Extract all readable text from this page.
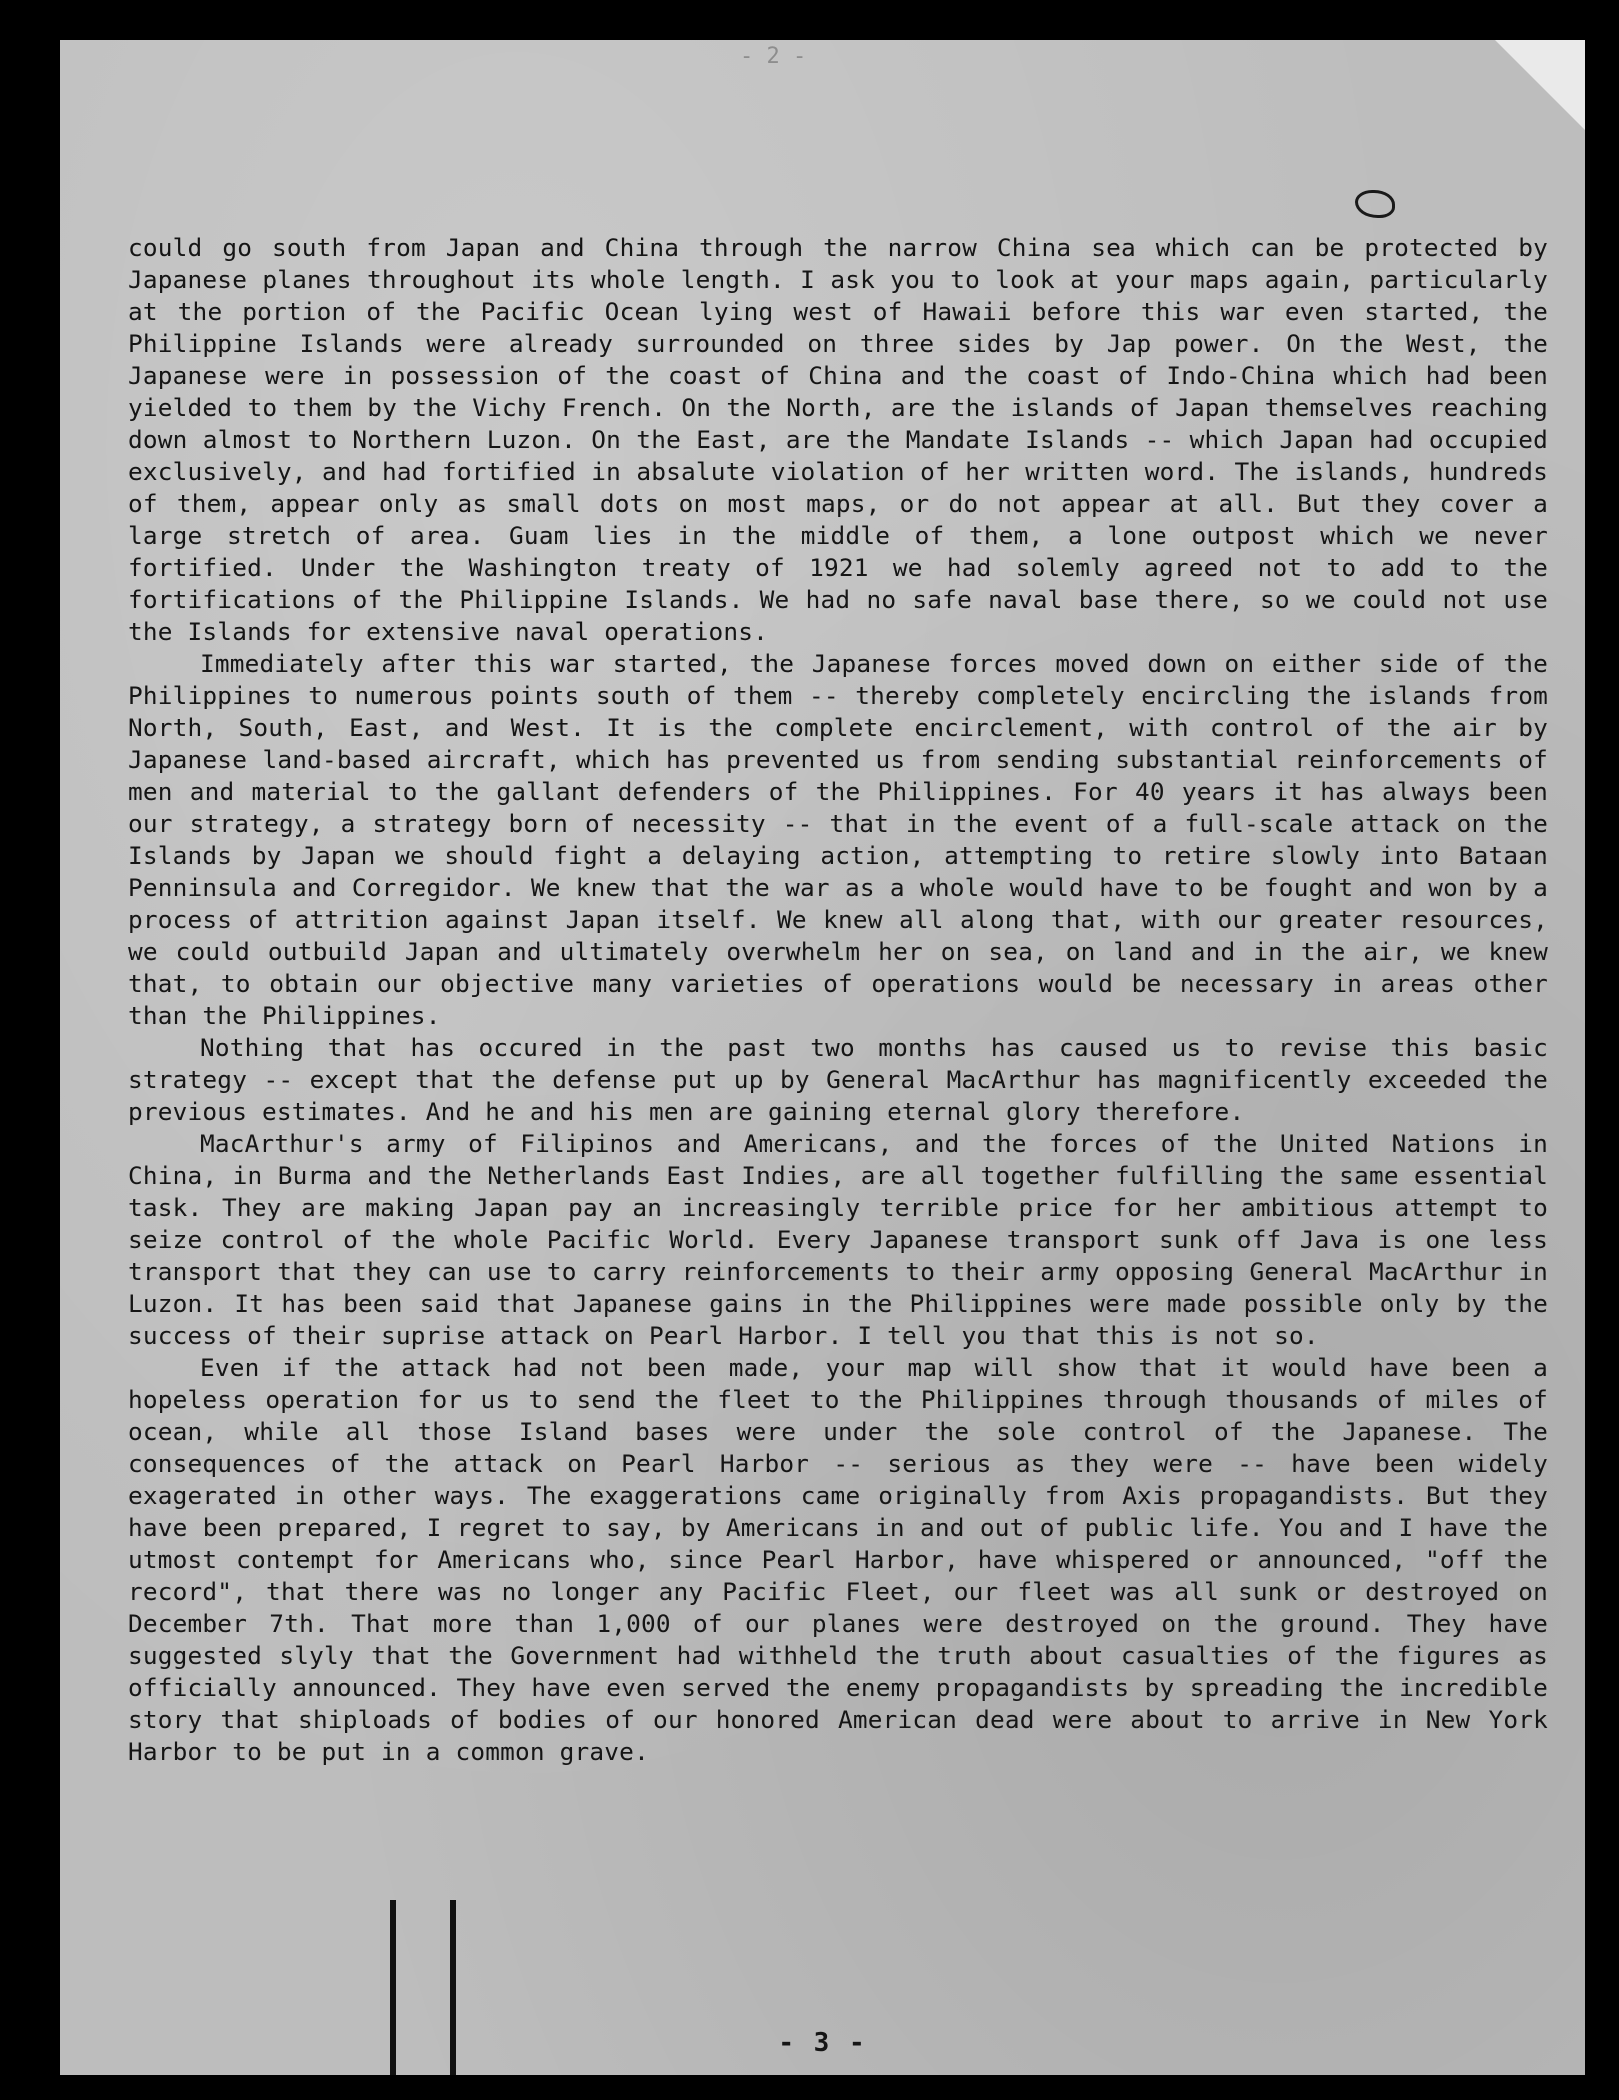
- 2 -

could go south from Japan and China through the narrow China sea which can be protected by Japanese planes throughout its whole length. I ask you to look at your maps again, particularly at the portion of the Pacific Ocean lying west of Hawaii before this war even started, the Philippine Islands were already surrounded on three sides by Jap power. On the West, the Japanese were in possession of the coast of China and the coast of Indo-China which had been yielded to them by the Vichy French. On the North, are the islands of Japan themselves reaching down almost to Northern Luzon. On the East, are the Mandate Islands -- which Japan had occupied exclusively, and had fortified in absalute violation of her written word. The islands, hundreds of them, appear only as small dots on most maps, or do not appear at all. But they cover a large stretch of area. Guam lies in the middle of them, a lone outpost which we never fortified. Under the Washington treaty of 1921 we had solemly agreed not to add to the fortifications of the Philippine Islands. We had no safe naval base there, so we could not use the Islands for extensive naval operations.

Immediately after this war started, the Japanese forces moved down on either side of the Philippines to numerous points south of them -- thereby completely encircling the islands from North, South, East, and West. It is the complete encirclement, with control of the air by Japanese land-based aircraft, which has prevented us from sending substantial reinforcements of men and material to the gallant defenders of the Philippines. For 40 years it has always been our strategy, a strategy born of necessity -- that in the event of a full-scale attack on the Islands by Japan we should fight a delaying action, attempting to retire slowly into Bataan Penninsula and Corregidor. We knew that the war as a whole would have to be fought and won by a process of attrition against Japan itself. We knew all along that, with our greater resources, we could outbuild Japan and ultimately overwhelm her on sea, on land and in the air, we knew that, to obtain our objective many varieties of operations would be necessary in areas other than the Philippines.

Nothing that has occured in the past two months has caused us to revise this basic strategy -- except that the defense put up by General MacArthur has magnificently exceeded the previous estimates. And he and his men are gaining eternal glory therefore.

MacArthur's army of Filipinos and Americans, and the forces of the United Nations in China, in Burma and the Netherlands East Indies, are all together fulfilling the same essential task. They are making Japan pay an increasingly terrible price for her ambitious attempt to seize control of the whole Pacific World. Every Japanese transport sunk off Java is one less transport that they can use to carry reinforcements to their army opposing General MacArthur in Luzon. It has been said that Japanese gains in the Philippines were made possible only by the success of their suprise attack on Pearl Harbor. I tell you that this is not so.

Even if the attack had not been made, your map will show that it would have been a hopeless operation for us to send the fleet to the Philippines through thousands of miles of ocean, while all those Island bases were under the sole control of the Japanese. The consequences of the attack on Pearl Harbor -- serious as they were -- have been widely exagerated in other ways. The exaggerations came originally from Axis propagandists. But they have been prepared, I regret to say, by Americans in and out of public life. You and I have the utmost contempt for Americans who, since Pearl Harbor, have whispered or announced, "off the record", that there was no longer any Pacific Fleet, our fleet was all sunk or destroyed on December 7th. That more than 1,000 of our planes were destroyed on the ground. They have suggested slyly that the Government had withheld the truth about casualties of the figures as officially announced. They have even served the enemy propagandists by spreading the incredible story that shiploads of bodies of our honored American dead were about to arrive in New York Harbor to be put in a common grave.

- 3 -
